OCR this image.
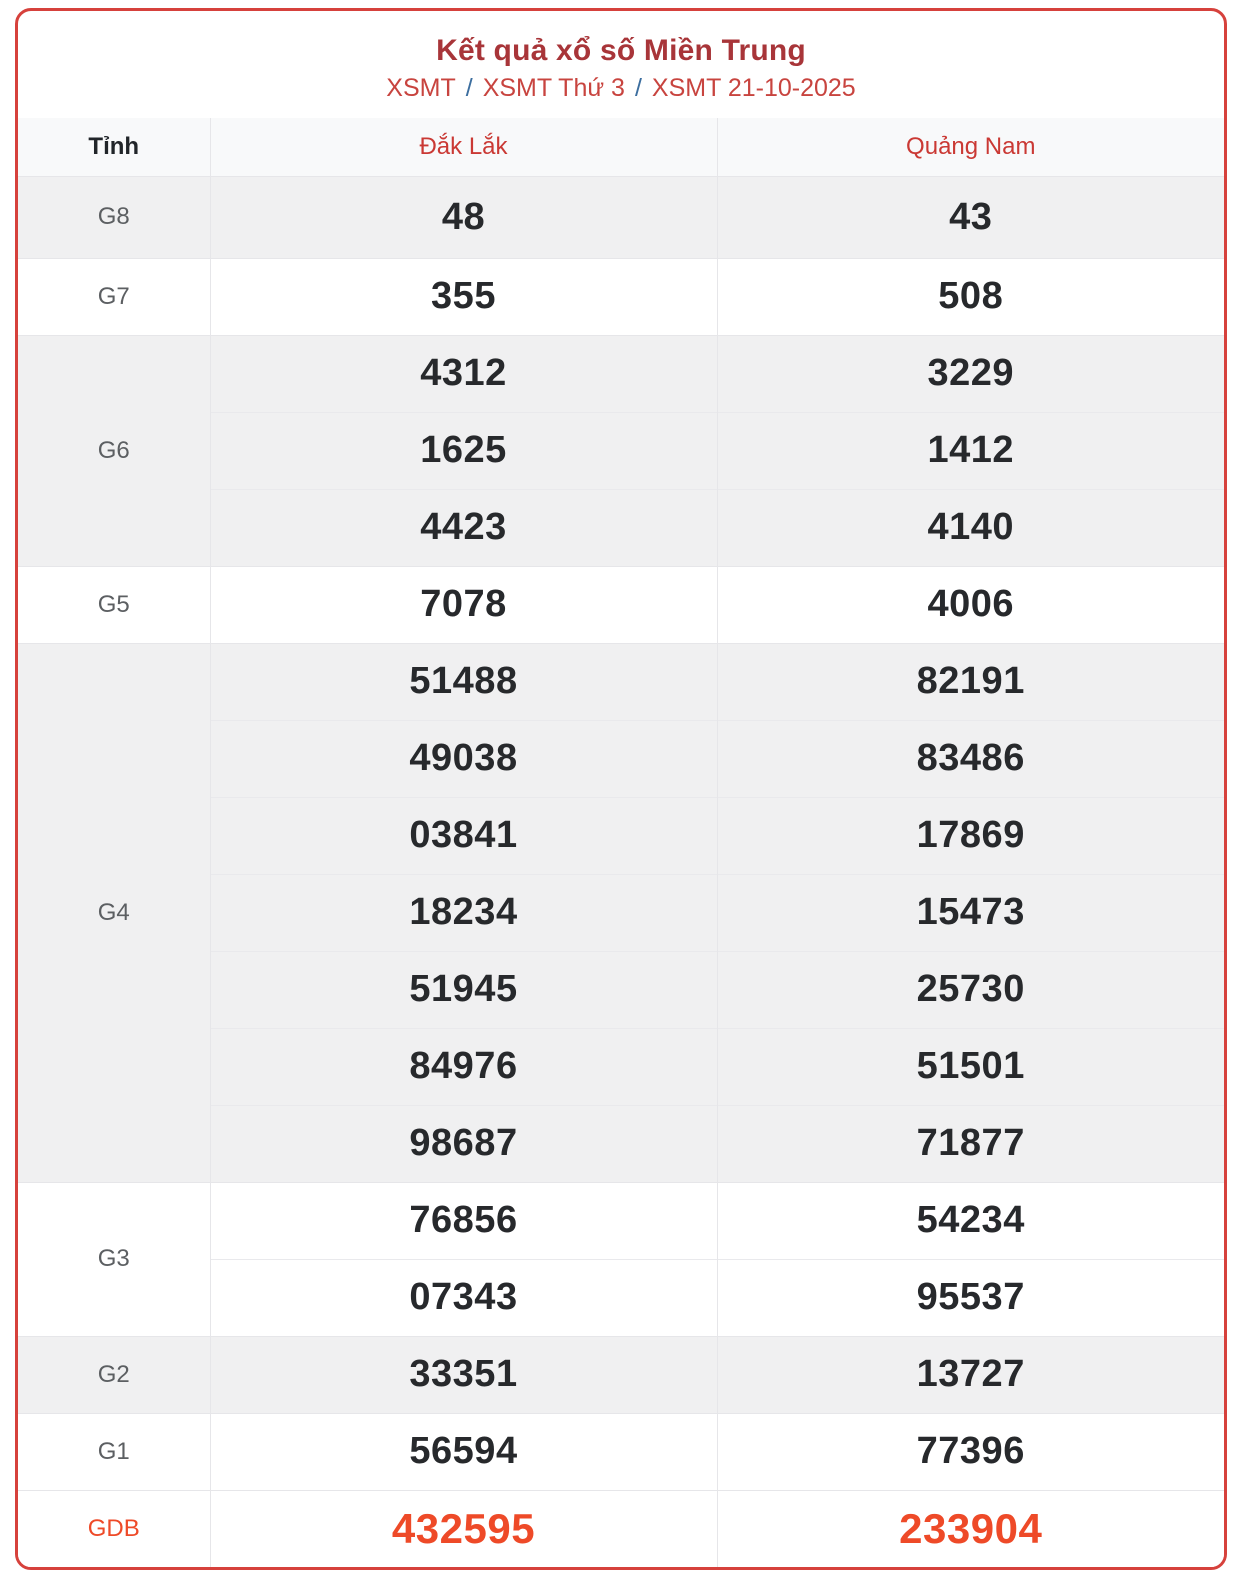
Kết quả xổ số Miền Trung
XSMT / XSMT Thứ 3 / XSMT 21-10-2025
Tỉnh	Đắk Lắk	Quảng Nam
G8	48	43
G7	355	508
G6	4312	3229
	1625	1412
	4423	4140
G5	7078	4006
G4	51488	82191
	49038	83486
	03841	17869
	18234	15473
	51945	25730
	84976	51501
	98687	71877
G3	76856	54234
	07343	95537
G2	33351	13727
G1	56594	77396
GDB	432595	233904
